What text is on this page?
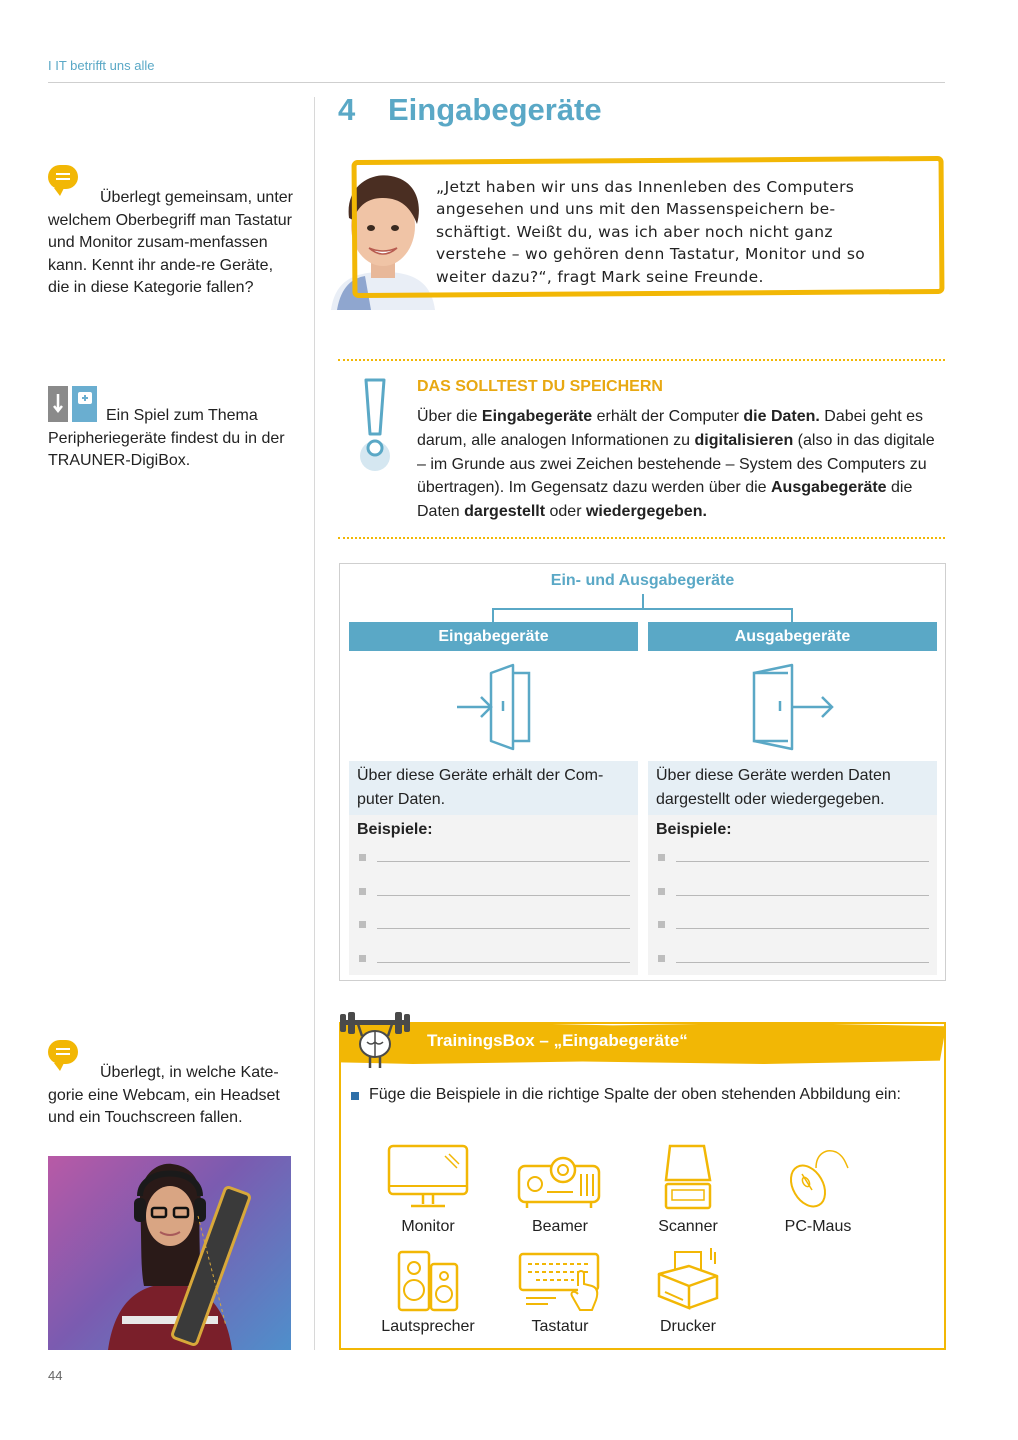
I IT betrifft uns alle
4 Eingabegeräte
Überlegt gemeinsam, unter welchem Oberbegriff man Tastatur und Monitor zusam-menfassen kann. Kennt ihr ande-re Geräte, die in diese Kategorie fallen?
Ein Spiel zum Thema Peripheriegeräte findest du in der TRAUNER-DigiBox.
Überlegt, in welche Kate-gorie eine Webcam, ein Headset und ein Touchscreen fallen.
„Jetzt haben wir uns das Innenleben des Computers
angesehen und uns mit den Massenspeichern be-
schäftigt. Weißt du, was ich aber noch nicht ganz
verstehe – wo gehören denn Tastatur, Monitor und so
weiter dazu?“, fragt Mark seine Freunde.
DAS SOLLTEST DU SPEICHERN
Über die Eingabegeräte erhält der Computer die Daten. Dabei geht es darum, alle analogen Informationen zu digitalisieren (also in das digitale – im Grunde aus zwei Zeichen bestehende – System des Computers zu übertragen). Im Gegensatz dazu werden über die Ausgabegeräte die Daten dargestellt oder wiedergegeben.
Ein- und Ausgabegeräte
Eingabegeräte
Über diese Geräte erhält der Com-puter Daten.
Beispiele:
Ausgabegeräte
Über diese Geräte werden Daten dargestellt oder wiedergegeben.
Beispiele:
TrainingsBox – „Eingabegeräte“
Füge die Beispiele in die richtige Spalte der oben stehenden Abbildung ein:
Monitor	Beamer	Scanner	PC-Maus
Lautsprecher	Tastatur	Drucker
44
